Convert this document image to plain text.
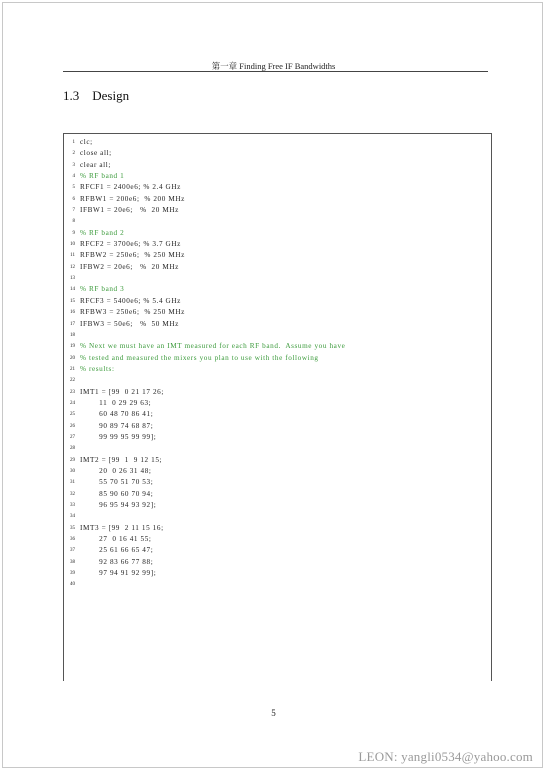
第一章 Finding Free IF Bandwidths
1.3    Design
1 clc;
2 close all;
3 clear all;
4 % RF band 1
5 RFCF1 = 2400e6; % 2.4 GHz
6 RFBW1 = 200e6;  % 200 MHz
7 IFBW1 = 20e6;   %  20 MHz
8
9 % RF band 2
10 RFCF2 = 3700e6; % 3.7 GHz
11 RFBW2 = 250e6;  % 250 MHz
12 IFBW2 = 20e6;   %  20 MHz
13
14 % RF band 3
15 RFCF3 = 5400e6; % 5.4 GHz
16 RFBW3 = 250e6;  % 250 MHz
17 IFBW3 = 50e6;   %  50 MHz
18
19 % Next we must have an IMT measured for each RF band.  Assume you have
20 % tested and measured the mixers you plan to use with the following
21 % results:
22
23 IMT1 = [99  0 21 17 26;
24 11  0 29 29 63;
25 60 48 70 86 41;
26 90 89 74 68 87;
27 99 99 95 99 99];
28
29 IMT2 = [99  1  9 12 15;
30 20  0 26 31 48;
31 55 70 51 70 53;
32 85 90 60 70 94;
33 96 95 94 93 92];
34
35 IMT3 = [99  2 11 15 16;
36 27  0 16 41 55;
37 25 61 66 65 47;
38 92 83 66 77 88;
39 97 94 91 92 99];
40
5
LEON: yangli0534@yahoo.com
